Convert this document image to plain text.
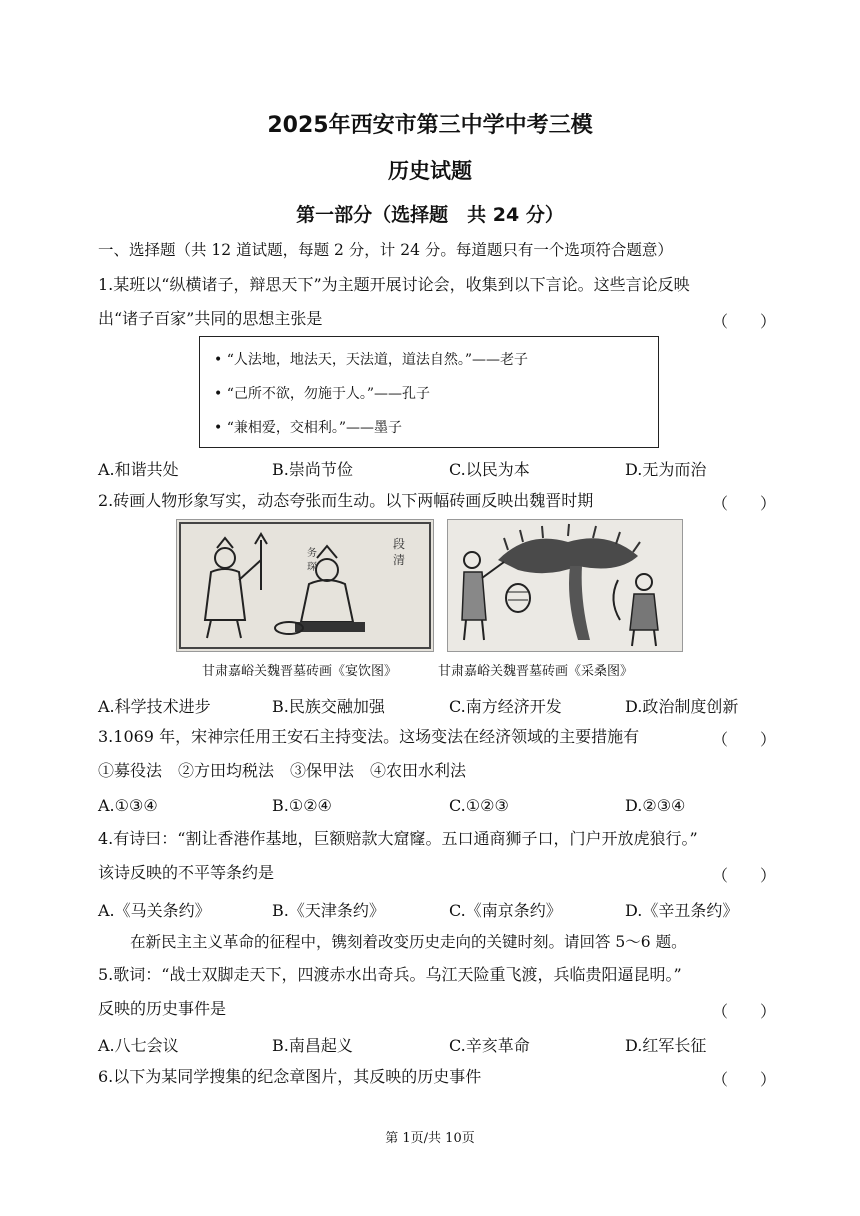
2025年西安市第三中学中考三模
历史试题
第一部分（选择题　共 24 分）
一、选择题（共 12 道试题，每题 2 分，计 24 分。每道题只有一个选项符合题意）
1.某班以“纵横诸子，辩思天下”为主题开展讨论会，收集到以下言论。这些言论反映
出“诸子百家”共同的思想主张是	（　　）
• “人法地，地法天，天法道，道法自然。”——老子
• “己所不欲，勿施于人。”——孔子
• “兼相爱，交相利。”——墨子
A.和谐共处	B.崇尚节俭	C.以民为本	D.无为而治
2.砖画人物形象写实，动态夸张而生动。以下两幅砖画反映出魏晋时期	（　　）
务
琛
段
清
甘肃嘉峪关魏晋墓砖画《宴饮图》	甘肃嘉峪关魏晋墓砖画《采桑图》
A.科学技术进步	B.民族交融加强	C.南方经济开发	D.政治制度创新
3.1069 年，宋神宗任用王安石主持变法。这场变法在经济领域的主要措施有	（　　）
①募役法　②方田均税法　③保甲法　④农田水利法
A.①③④	B.①②④	C.①②③	D.②③④
4.有诗曰：“割让香港作基地，巨额赔款大窟窿。五口通商狮子口，门户开放虎狼行。”
该诗反映的不平等条约是	（　　）
A.《马关条约》	B.《天津条约》	C.《南京条约》	D.《辛丑条约》
在新民主主义革命的征程中，镌刻着改变历史走向的关键时刻。请回答 5～6 题。
5.歌词：“战士双脚走天下，四渡赤水出奇兵。乌江天险重飞渡，兵临贵阳逼昆明。”
反映的历史事件是	（　　）
A.八七会议	B.南昌起义	C.辛亥革命	D.红军长征
6.以下为某同学搜集的纪念章图片，其反映的历史事件	（　　）
第 1页/共 10页
